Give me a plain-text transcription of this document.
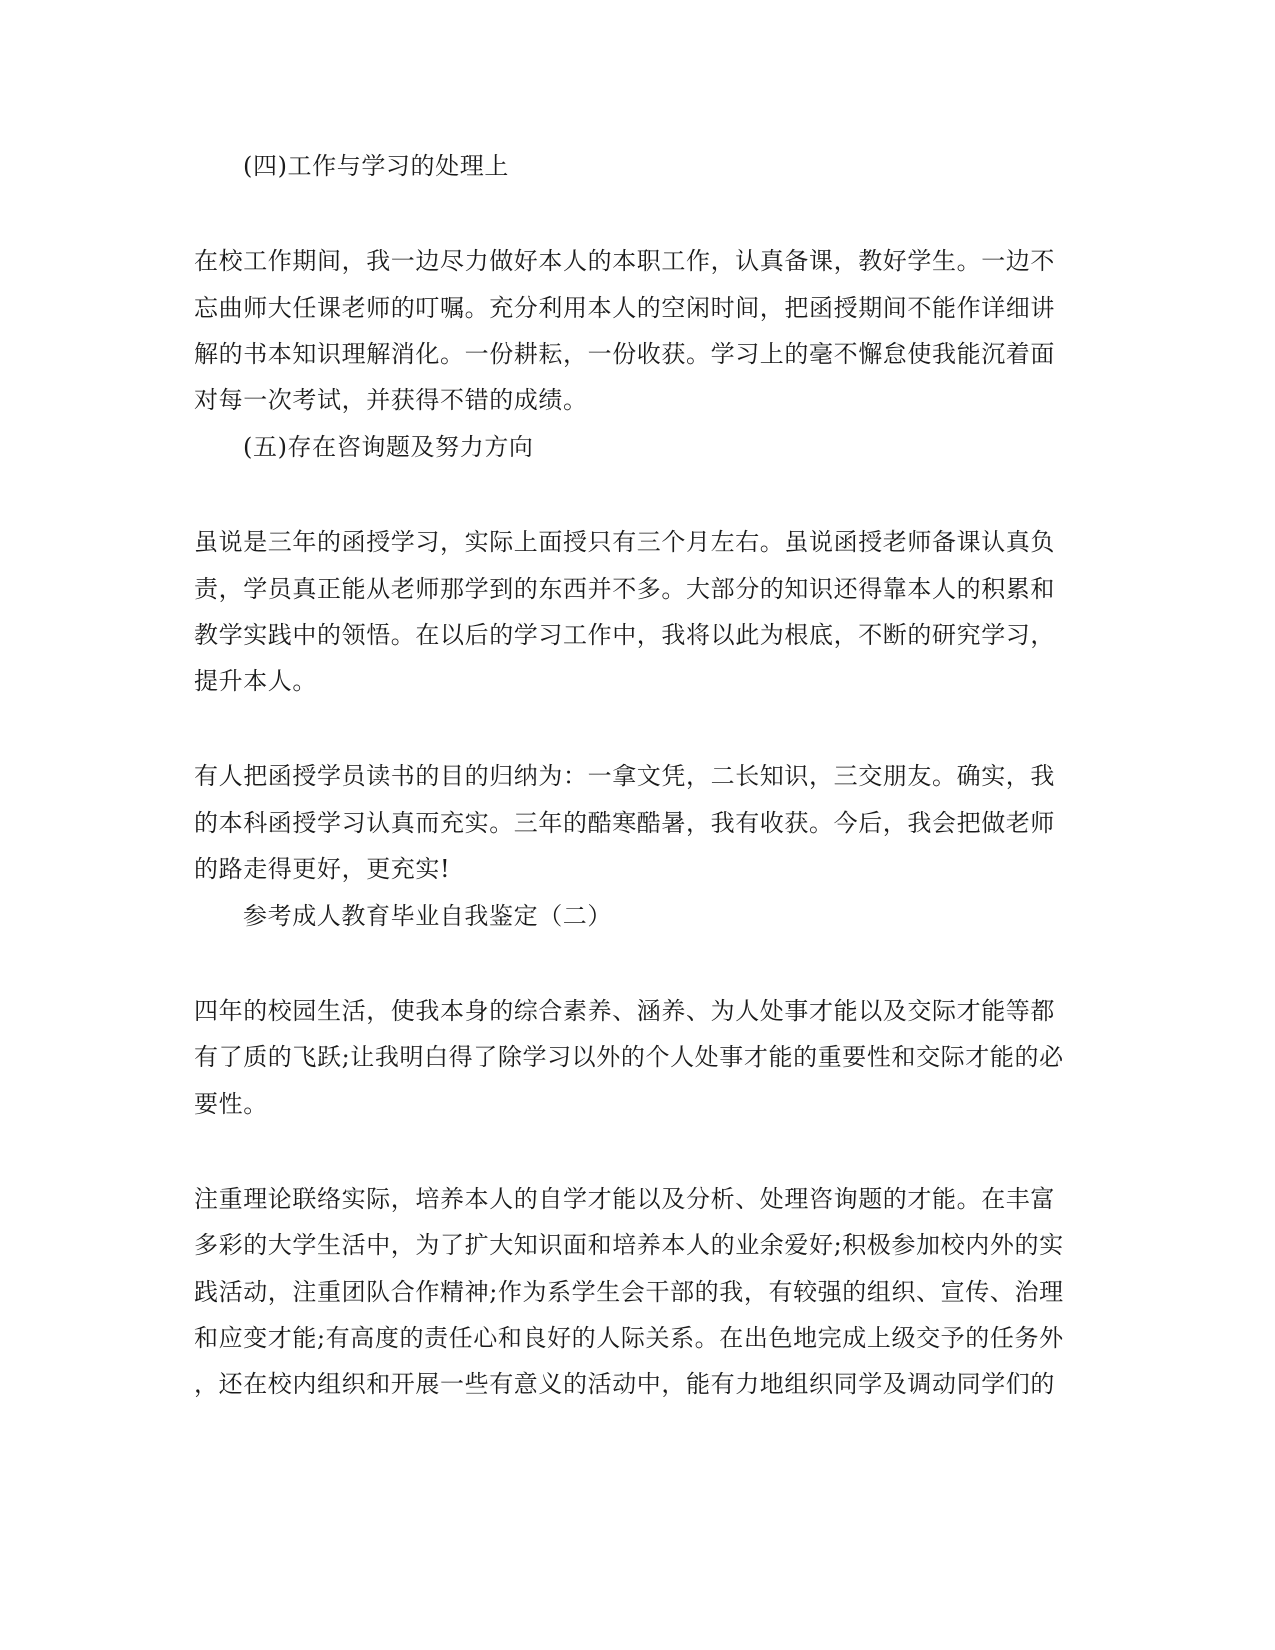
(四)工作与学习的处理上
在校工作期间，我一边尽力做好本人的本职工作，认真备课，教好学生。一边不
忘曲师大任课老师的叮嘱。充分利用本人的空闲时间，把函授期间不能作详细讲
解的书本知识理解消化。一份耕耘，一份收获。学习上的毫不懈怠使我能沉着面
对每一次考试，并获得不错的成绩。
(五)存在咨询题及努力方向
虽说是三年的函授学习，实际上面授只有三个月左右。虽说函授老师备课认真负
责，学员真正能从老师那学到的东西并不多。大部分的知识还得靠本人的积累和
教学实践中的领悟。在以后的学习工作中，我将以此为根底，不断的研究学习，
提升本人。
有人把函授学员读书的目的归纳为：一拿文凭，二长知识，三交朋友。确实，我
的本科函授学习认真而充实。三年的酷寒酷暑，我有收获。今后，我会把做老师
的路走得更好，更充实!
参考成人教育毕业自我鉴定（二）
四年的校园生活，使我本身的综合素养、涵养、为人处事才能以及交际才能等都
有了质的飞跃;让我明白得了除学习以外的个人处事才能的重要性和交际才能的必
要性。
注重理论联络实际，培养本人的自学才能以及分析、处理咨询题的才能。在丰富
多彩的大学生活中，为了扩大知识面和培养本人的业余爱好;积极参加校内外的实
践活动，注重团队合作精神;作为系学生会干部的我，有较强的组织、宣传、治理
和应变才能;有高度的责任心和良好的人际关系。在出色地完成上级交予的任务外
，还在校内组织和开展一些有意义的活动中，能有力地组织同学及调动同学们的
